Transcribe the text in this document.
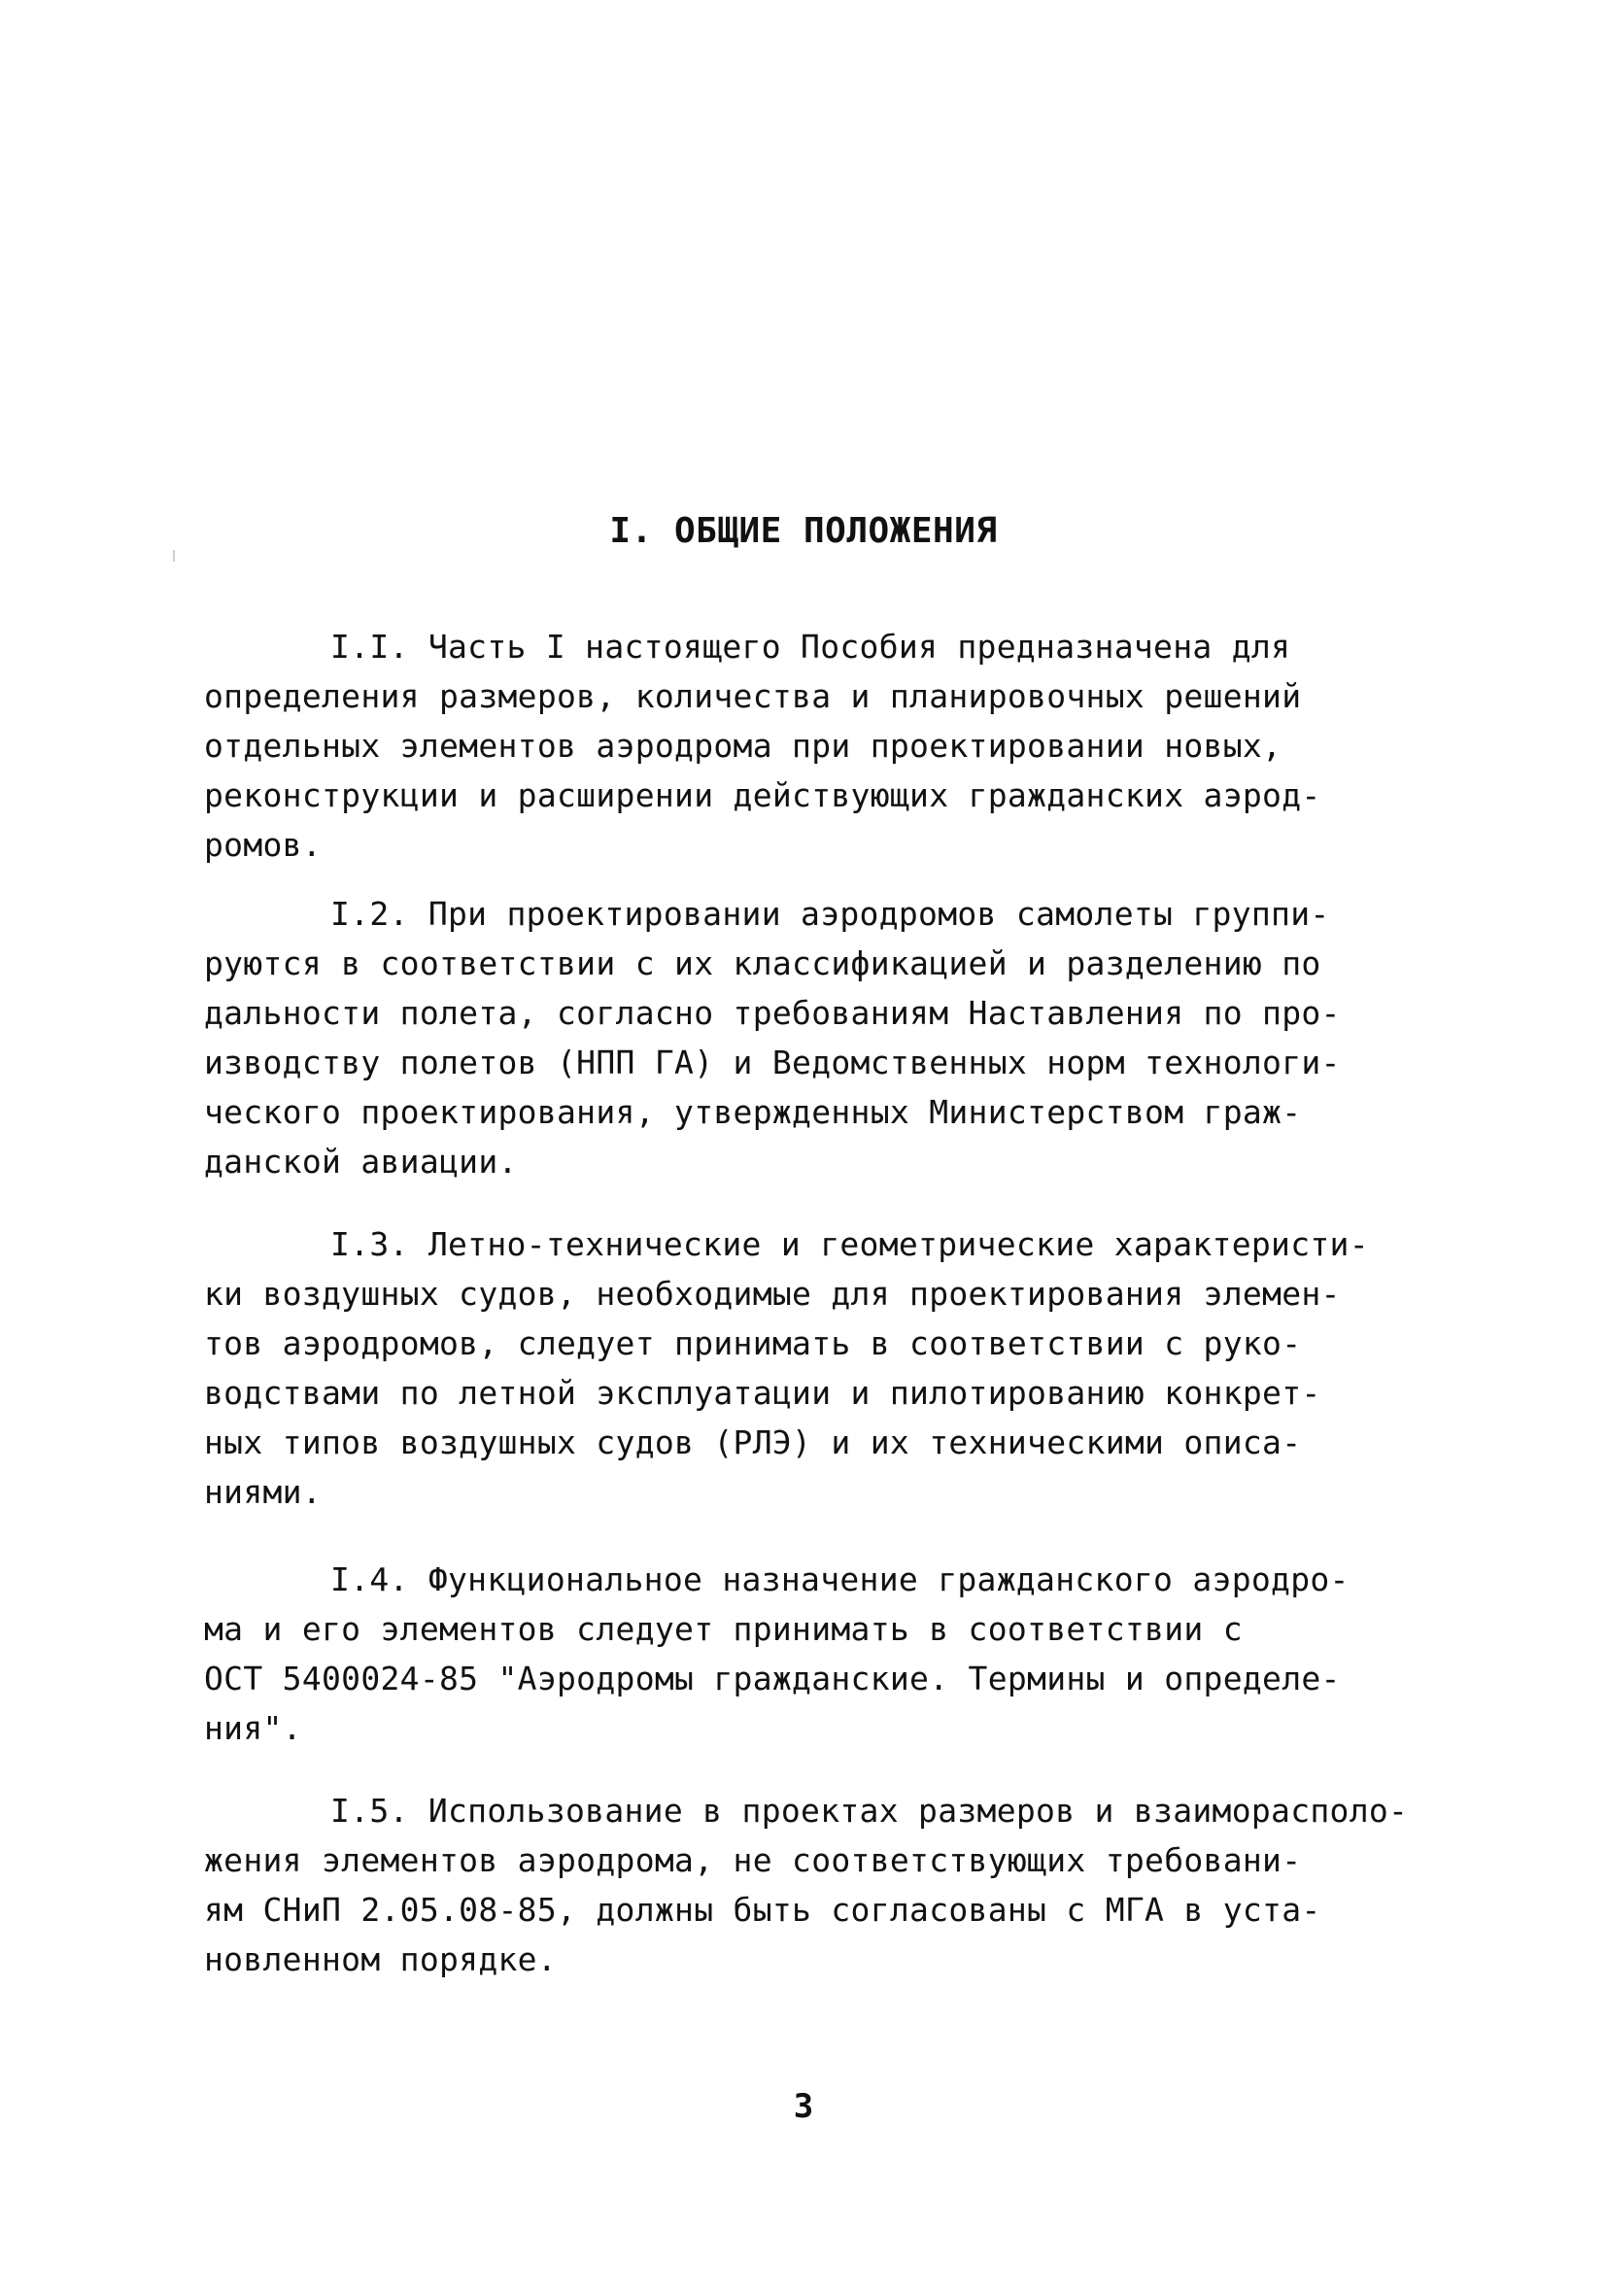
I. ОБЩИЕ ПОЛОЖЕНИЯ
I.I. Часть I настоящего Пособия предназначена для
определения размеров, количества и планировочных решений
отдельных элементов аэродрома при проектировании новых,
реконструкции и расширении действующих гражданских аэрод-
ромов.
I.2. При проектировании аэродромов самолеты группи-
руются в соответствии с их классификацией и разделению по
дальности полета, согласно требованиям Наставления по про-
изводству полетов (НПП ГА) и Ведомственных норм технологи-
ческого проектирования, утвержденных Министерством граж-
данской авиации.
I.3. Летно-технические и геометрические характеристи-
ки воздушных судов, необходимые для проектирования элемен-
тов аэродромов, следует принимать в соответствии с руко-
водствами по летной эксплуатации и пилотированию конкрет-
ных типов воздушных судов (РЛЭ) и их техническими описа-
ниями.
I.4. Функциональное назначение гражданского аэродро-
ма и его элементов следует принимать в соответствии с
ОСТ 5400024-85 "Аэродромы гражданские. Термины и определе-
ния".
I.5. Использование в проектах размеров и взаиморасполо-
жения элементов аэродрома, не соответствующих требовани-
ям СНиП 2.05.08-85, должны быть согласованы с МГА в уста-
новленном порядке.
3
